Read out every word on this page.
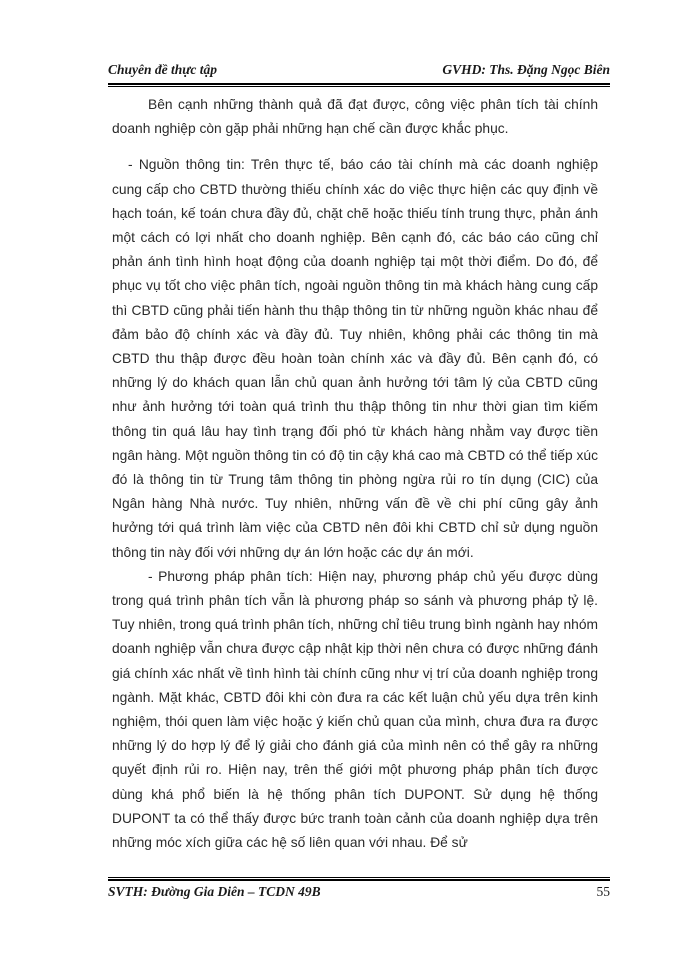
Chuyên đề thực tập	GVHD: Ths. Đặng Ngọc Biên

Bên cạnh những thành quả đã đạt được, công việc phân tích tài chính doanh nghiệp còn gặp phải những hạn chế cần được khắc phục.

- Nguồn thông tin: Trên thực tế, báo cáo tài chính mà các doanh nghiệp cung cấp cho CBTD thường thiếu chính xác do việc thực hiện các quy định về hạch toán, kế toán chưa đầy đủ, chặt chẽ hoặc thiếu tính trung thực, phản ánh một cách có lợi nhất cho doanh nghiệp. Bên cạnh đó, các báo cáo cũng chỉ phản ánh tình hình hoạt động của doanh nghiệp tại một thời điểm. Do đó, để phục vụ tốt cho việc phân tích, ngoài nguồn thông tin mà khách hàng cung cấp thì CBTD cũng phải tiến hành thu thập thông tin từ những nguồn khác nhau để đảm bảo độ chính xác và đầy đủ. Tuy nhiên, không phải các thông tin mà CBTD thu thập được đều hoàn toàn chính xác và đầy đủ. Bên cạnh đó, có những lý do khách quan lẫn chủ quan ảnh hưởng tới tâm lý của CBTD cũng như ảnh hưởng tới toàn quá trình thu thập thông tin như thời gian tìm kiếm thông tin quá lâu hay tình trạng đối phó từ khách hàng nhằm vay được tiền ngân hàng. Một nguồn thông tin có độ tin cậy khá cao mà CBTD có thể tiếp xúc đó là thông tin từ Trung tâm thông tin phòng ngừa rủi ro tín dụng (CIC) của Ngân hàng Nhà nước. Tuy nhiên, những vấn đề về chi phí cũng gây ảnh hưởng tới quá trình làm việc của CBTD nên đôi khi CBTD chỉ sử dụng nguồn thông tin này đối với những dự án lớn hoặc các dự án mới.

- Phương pháp phân tích: Hiện nay, phương pháp chủ yếu được dùng trong quá trình phân tích vẫn là phương pháp so sánh và phương pháp tỷ lệ. Tuy nhiên, trong quá trình phân tích, những chỉ tiêu trung bình ngành hay nhóm doanh nghiệp vẫn chưa được cập nhật kịp thời nên chưa có được những đánh giá chính xác nhất về tình hình tài chính cũng như vị trí của doanh nghiệp trong ngành. Mặt khác, CBTD đôi khi còn đưa ra các kết luận chủ yếu dựa trên kinh nghiệm, thói quen làm việc hoặc ý kiến chủ quan của mình, chưa đưa ra được những lý do hợp lý để lý giải cho đánh giá của mình nên có thể gây ra những quyết định rủi ro. Hiện nay, trên thế giới một phương pháp phân tích được dùng khá phổ biến là hệ thống phân tích DUPONT. Sử dụng hệ thống DUPONT ta có thể thấy được bức tranh toàn cảnh của doanh nghiệp dựa trên những móc xích giữa các hệ số liên quan với nhau. Để sử

SVTH: Đường Gia Diên – TCDN 49B	55
